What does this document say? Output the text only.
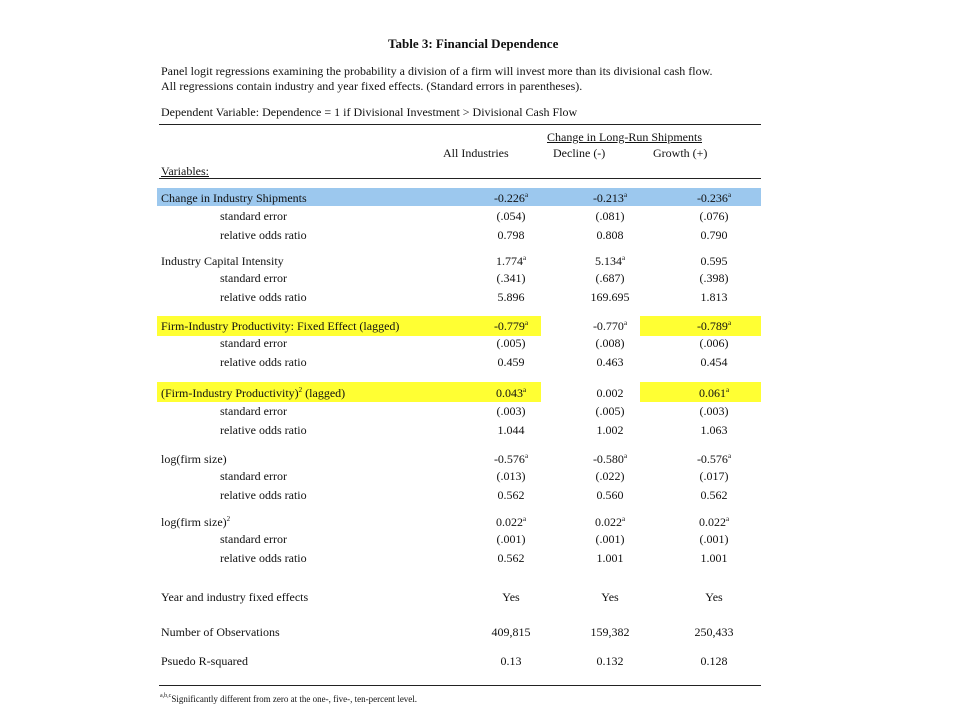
Table 3: Financial Dependence
Panel logit regressions examining the probability a division of a firm will invest more than its divisional cash flow.
All regressions contain industry and year fixed effects. (Standard errors in parentheses).
Dependent Variable: Dependence = 1 if Divisional Investment > Divisional Cash Flow
Change in Long-Run Shipments
All Industries	Decline (-)	Growth (+)
Variables:
Change in Industry Shipments	-0.226$^a$	-0.213$^a$	-0.236$^a$
standard error	(.054)	(.081)	(.076)
relative odds ratio	0.798	0.808	0.790
Industry Capital Intensity	1.774$^a$	5.134$^a$	0.595
standard error	(.341)	(.687)	(.398)
relative odds ratio	5.896	169.695	1.813
Firm-Industry Productivity: Fixed Effect (lagged)	-0.779$^a$	-0.770$^a$	-0.789$^a$
standard error	(.005)	(.008)	(.006)
relative odds ratio	0.459	0.463	0.454
(Firm-Industry Productivity)$^2$ (lagged)	0.043$^a$	0.002	0.061$^a$
standard error	(.003)	(.005)	(.003)
relative odds ratio	1.044	1.002	1.063
log(firm size)	-0.576$^a$	-0.580$^a$	-0.576$^a$
standard error	(.013)	(.022)	(.017)
relative odds ratio	0.562	0.560	0.562
log(firm size)$^2$	0.022$^a$	0.022$^a$	0.022$^a$
standard error	(.001)	(.001)	(.001)
relative odds ratio	0.562	1.001	1.001
Year and industry fixed effects	Yes	Yes	Yes
Number of Observations	409,815	159,382	250,433
Psuedo R-squared	0.13	0.132	0.128
$^{a,b,c}$Significantly different from zero at the one-, five-, ten-percent level.
